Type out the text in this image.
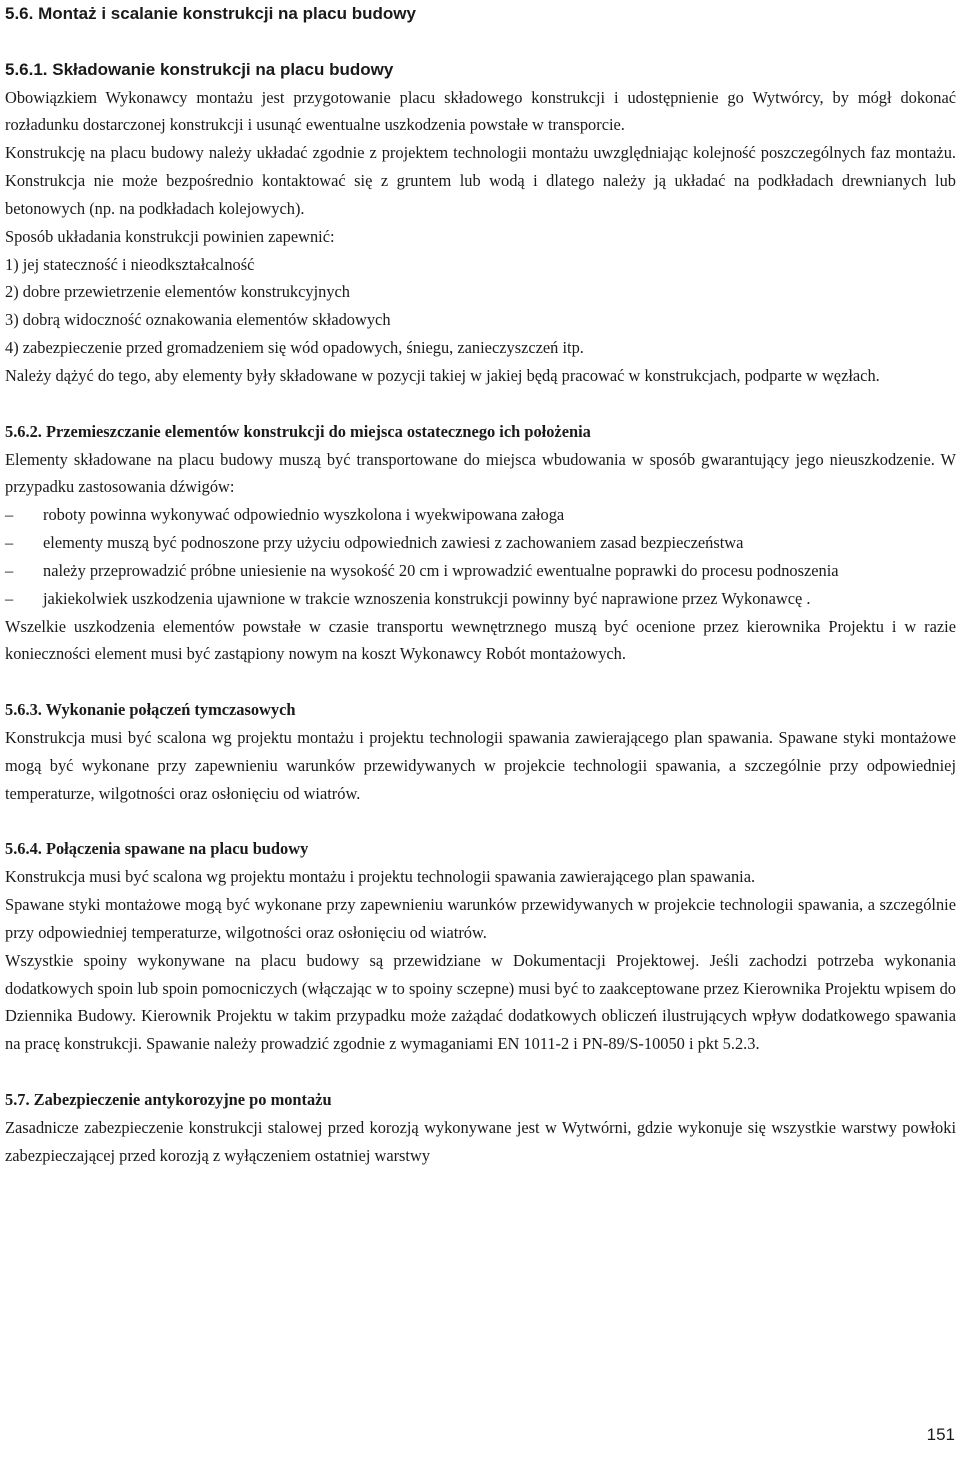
5.6. Montaż i scalanie konstrukcji na placu budowy
5.6.1. Składowanie konstrukcji na placu budowy
Obowiązkiem Wykonawcy montażu jest przygotowanie placu składowego konstrukcji i udostępnienie go Wytwórcy, by mógł dokonać rozładunku dostarczonej konstrukcji i usunąć ewentualne uszkodzenia powstałe w transporcie.
Konstrukcję na placu budowy należy układać zgodnie z projektem technologii montażu uwzględniając kolejność poszczególnych faz montażu. Konstrukcja nie może bezpośrednio kontaktować się z gruntem lub wodą i dlatego należy ją układać na podkładach drewnianych lub betonowych (np. na podkładach kolejowych).
Sposób układania konstrukcji powinien zapewnić:
1) jej stateczność i nieodkształcalność
2) dobre przewietrzenie elementów konstrukcyjnych
3) dobrą widoczność oznakowania elementów składowych
4) zabezpieczenie przed gromadzeniem się wód opadowych, śniegu, zanieczyszczeń itp.
Należy dążyć do tego, aby elementy były składowane w pozycji takiej w jakiej będą pracować w konstrukcjach, podparte w węzłach.
5.6.2. Przemieszczanie elementów konstrukcji do miejsca ostatecznego ich położenia
Elementy składowane na placu budowy muszą być transportowane do miejsca wbudowania w sposób gwarantujący jego nieuszkodzenie. W przypadku zastosowania dźwigów:
– roboty powinna wykonywać odpowiednio wyszkolona i wyekwipowana załoga
– elementy muszą być podnoszone przy użyciu odpowiednich zawiesi z zachowaniem zasad bezpieczeństwa
– należy przeprowadzić próbne uniesienie na wysokość 20 cm i wprowadzić ewentualne poprawki do procesu podnoszenia
– jakiekolwiek uszkodzenia ujawnione w trakcie wznoszenia konstrukcji powinny być naprawione przez Wykonawcę .
Wszelkie uszkodzenia elementów powstałe w czasie transportu wewnętrznego muszą być ocenione przez kierownika Projektu i w razie konieczności element musi być zastąpiony nowym na koszt Wykonawcy Robót montażowych.
5.6.3. Wykonanie połączeń tymczasowych
Konstrukcja musi być scalona wg projektu montażu i projektu technologii spawania zawierającego plan spawania. Spawane styki montażowe mogą być wykonane przy zapewnieniu warunków przewidywanych w projekcie technologii spawania, a szczególnie przy odpowiedniej temperaturze, wilgotności oraz osłonięciu od wiatrów.
5.6.4. Połączenia spawane na placu budowy
Konstrukcja musi być scalona wg projektu montażu i projektu technologii spawania zawierającego plan spawania.
Spawane styki montażowe mogą być wykonane przy zapewnieniu warunków przewidywanych w projekcie technologii spawania, a szczególnie przy odpowiedniej temperaturze, wilgotności oraz osłonięciu od wiatrów.
Wszystkie spoiny wykonywane na placu budowy są przewidziane w Dokumentacji Projektowej. Jeśli zachodzi potrzeba wykonania dodatkowych spoin lub spoin pomocniczych (włączając w to spoiny sczepne) musi być to zaakceptowane przez Kierownika Projektu wpisem do Dziennika Budowy. Kierownik Projektu w takim przypadku może zażądać dodatkowych obliczeń ilustrujących wpływ dodatkowego spawania na pracę konstrukcji. Spawanie należy prowadzić zgodnie z wymaganiami EN 1011-2 i PN-89/S-10050 i pkt 5.2.3.
5.7. Zabezpieczenie antykorozyjne po montażu
Zasadnicze zabezpieczenie konstrukcji stalowej przed korozją wykonywane jest w Wytwórni, gdzie wykonuje się wszystkie warstwy powłoki zabezpieczającej przed korozją z wyłączeniem ostatniej warstwy
151
